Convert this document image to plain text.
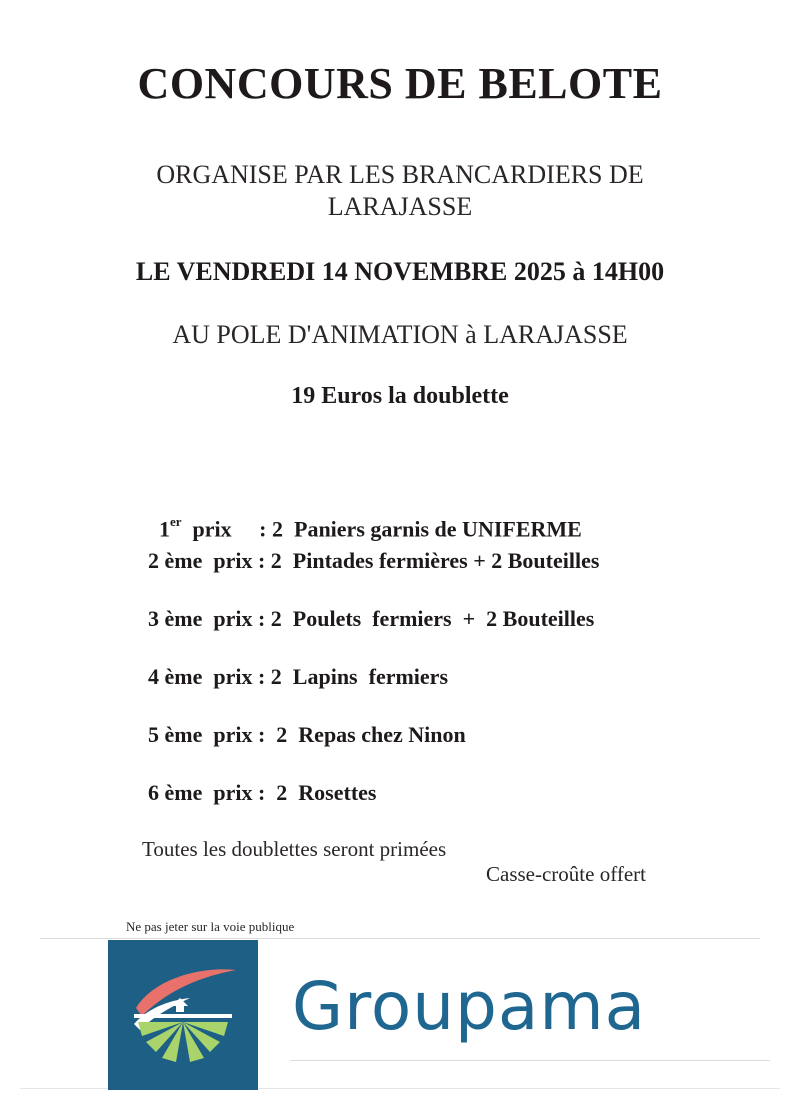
CONCOURS DE BELOTE
ORGANISE PAR LES BRANCARDIERS DE
LARAJASSE
LE VENDREDI 14 NOVEMBRE 2025 à 14H00
AU POLE D'ANIMATION à LARAJASSE
19 Euros la doublette

1er prix     : 2  Paniers garnis de UNIFERME

2 ème  prix : 2  Pintades fermières + 2 Bouteilles
3 ème  prix : 2  Poulets  fermiers  +  2 Bouteilles
4 ème  prix : 2  Lapins  fermiers
5 ème  prix :  2  Repas chez Ninon
6 ème  prix :  2  Rosettes
Toutes les doublettes seront primées
Casse-croûte offert
Ne pas jeter sur la voie publique
Groupama
